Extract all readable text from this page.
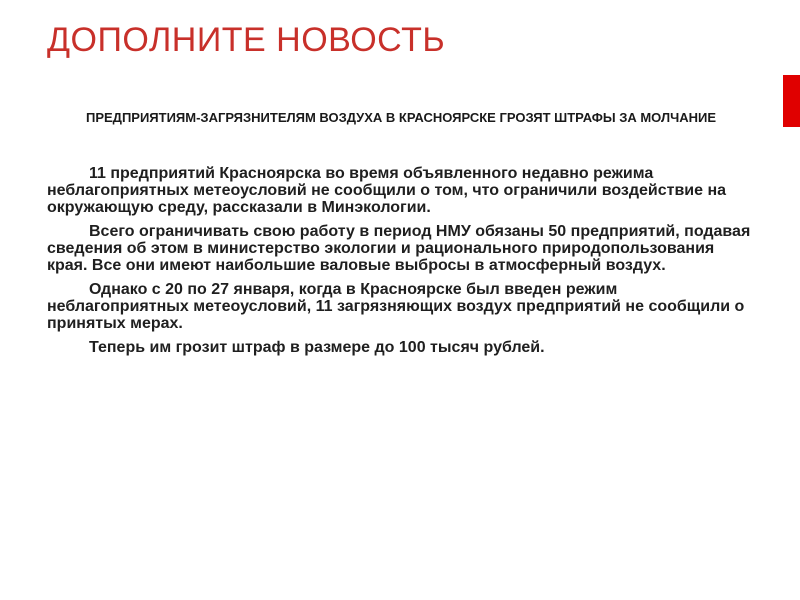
ДОПОЛНИТЕ НОВОСТЬ

ПРЕДПРИЯТИЯМ-ЗАГРЯЗНИТЕЛЯМ ВОЗДУХА В КРАСНОЯРСКЕ ГРОЗЯТ ШТРАФЫ ЗА МОЛЧАНИЕ

11 предприятий Красноярска во время объявленного недавно режима неблагоприятных метеоусловий не сообщили о том, что ограничили воздействие на окружающую среду, рассказали в Минэкологии.

Всего ограничивать свою работу в период НМУ обязаны 50 предприятий, подавая сведения об этом в министерство экологии и рационального природопользования края. Все они имеют наибольшие валовые выбросы в атмосферный воздух.

Однако с 20 по 27 января, когда в Красноярске был введен режим неблагоприятных метеоусловий, 11 загрязняющих воздух предприятий не сообщили о принятых мерах.

Теперь им грозит штраф в размере до 100 тысяч рублей.
